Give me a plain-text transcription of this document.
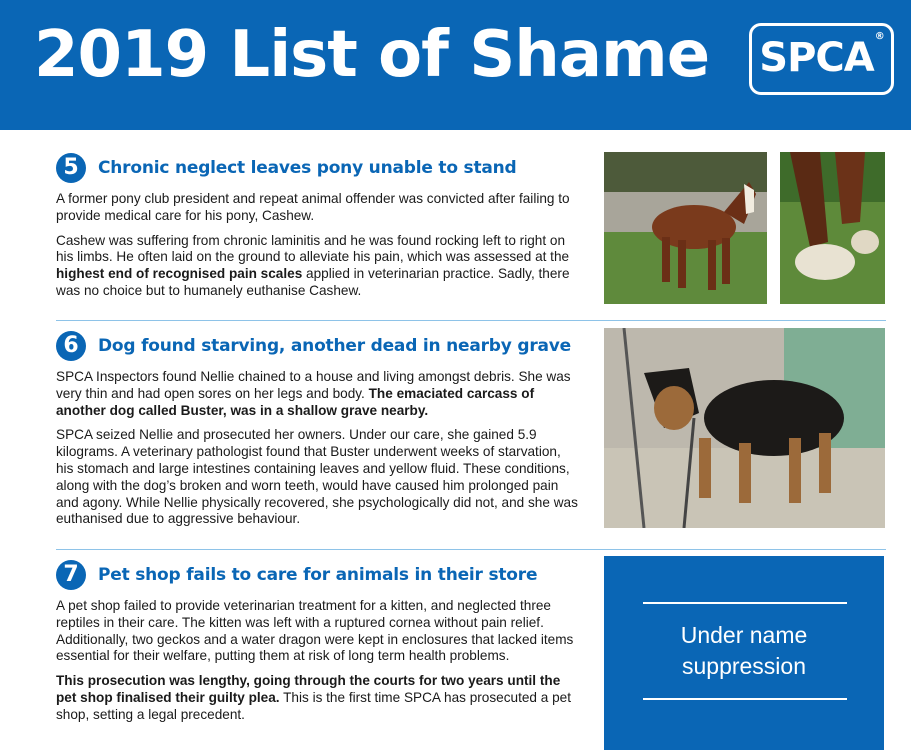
2019 List of Shame SPCA®
5	Chronic neglect leaves pony unable to stand

A former pony club president and repeat animal offender was convicted after failing to provide medical care for his pony, Cashew.

Cashew was suffering from chronic laminitis and he was found rocking left to right on his limbs. He often laid on the ground to alleviate his pain, which was assessed at the highest end of recognised pain scales applied in veterinarian practice. Sadly, there was no choice but to humanely euthanise Cashew.

6	Dog found starving, another dead in nearby grave

SPCA Inspectors found Nellie chained to a house and living amongst debris. She was very thin and had open sores on her legs and body. The emaciated carcass of another dog called Buster, was in a shallow grave nearby.

SPCA seized Nellie and prosecuted her owners. Under our care, she gained 5.9 kilograms. A veterinary pathologist found that Buster underwent weeks of starvation, his stomach and large intestines containing leaves and yellow fluid. These conditions, along with the dog’s broken and worn teeth, would have caused him prolonged pain and agony. While Nellie physically recovered, she psychologically did not, and she was euthanised due to aggressive behaviour.

7	Pet shop fails to care for animals in their store

A pet shop failed to provide veterinarian treatment for a kitten, and neglected three reptiles in their care. The kitten was left with a ruptured cornea without pain relief. Additionally, two geckos and a water dragon were kept in enclosures that lacked items essential for their welfare, putting them at risk of long term health problems.

This prosecution was lengthy, going through the courts for two years until the pet shop finalised their guilty plea. This is the first time SPCA has prosecuted a pet shop, setting a legal precedent.

Under name
suppression
